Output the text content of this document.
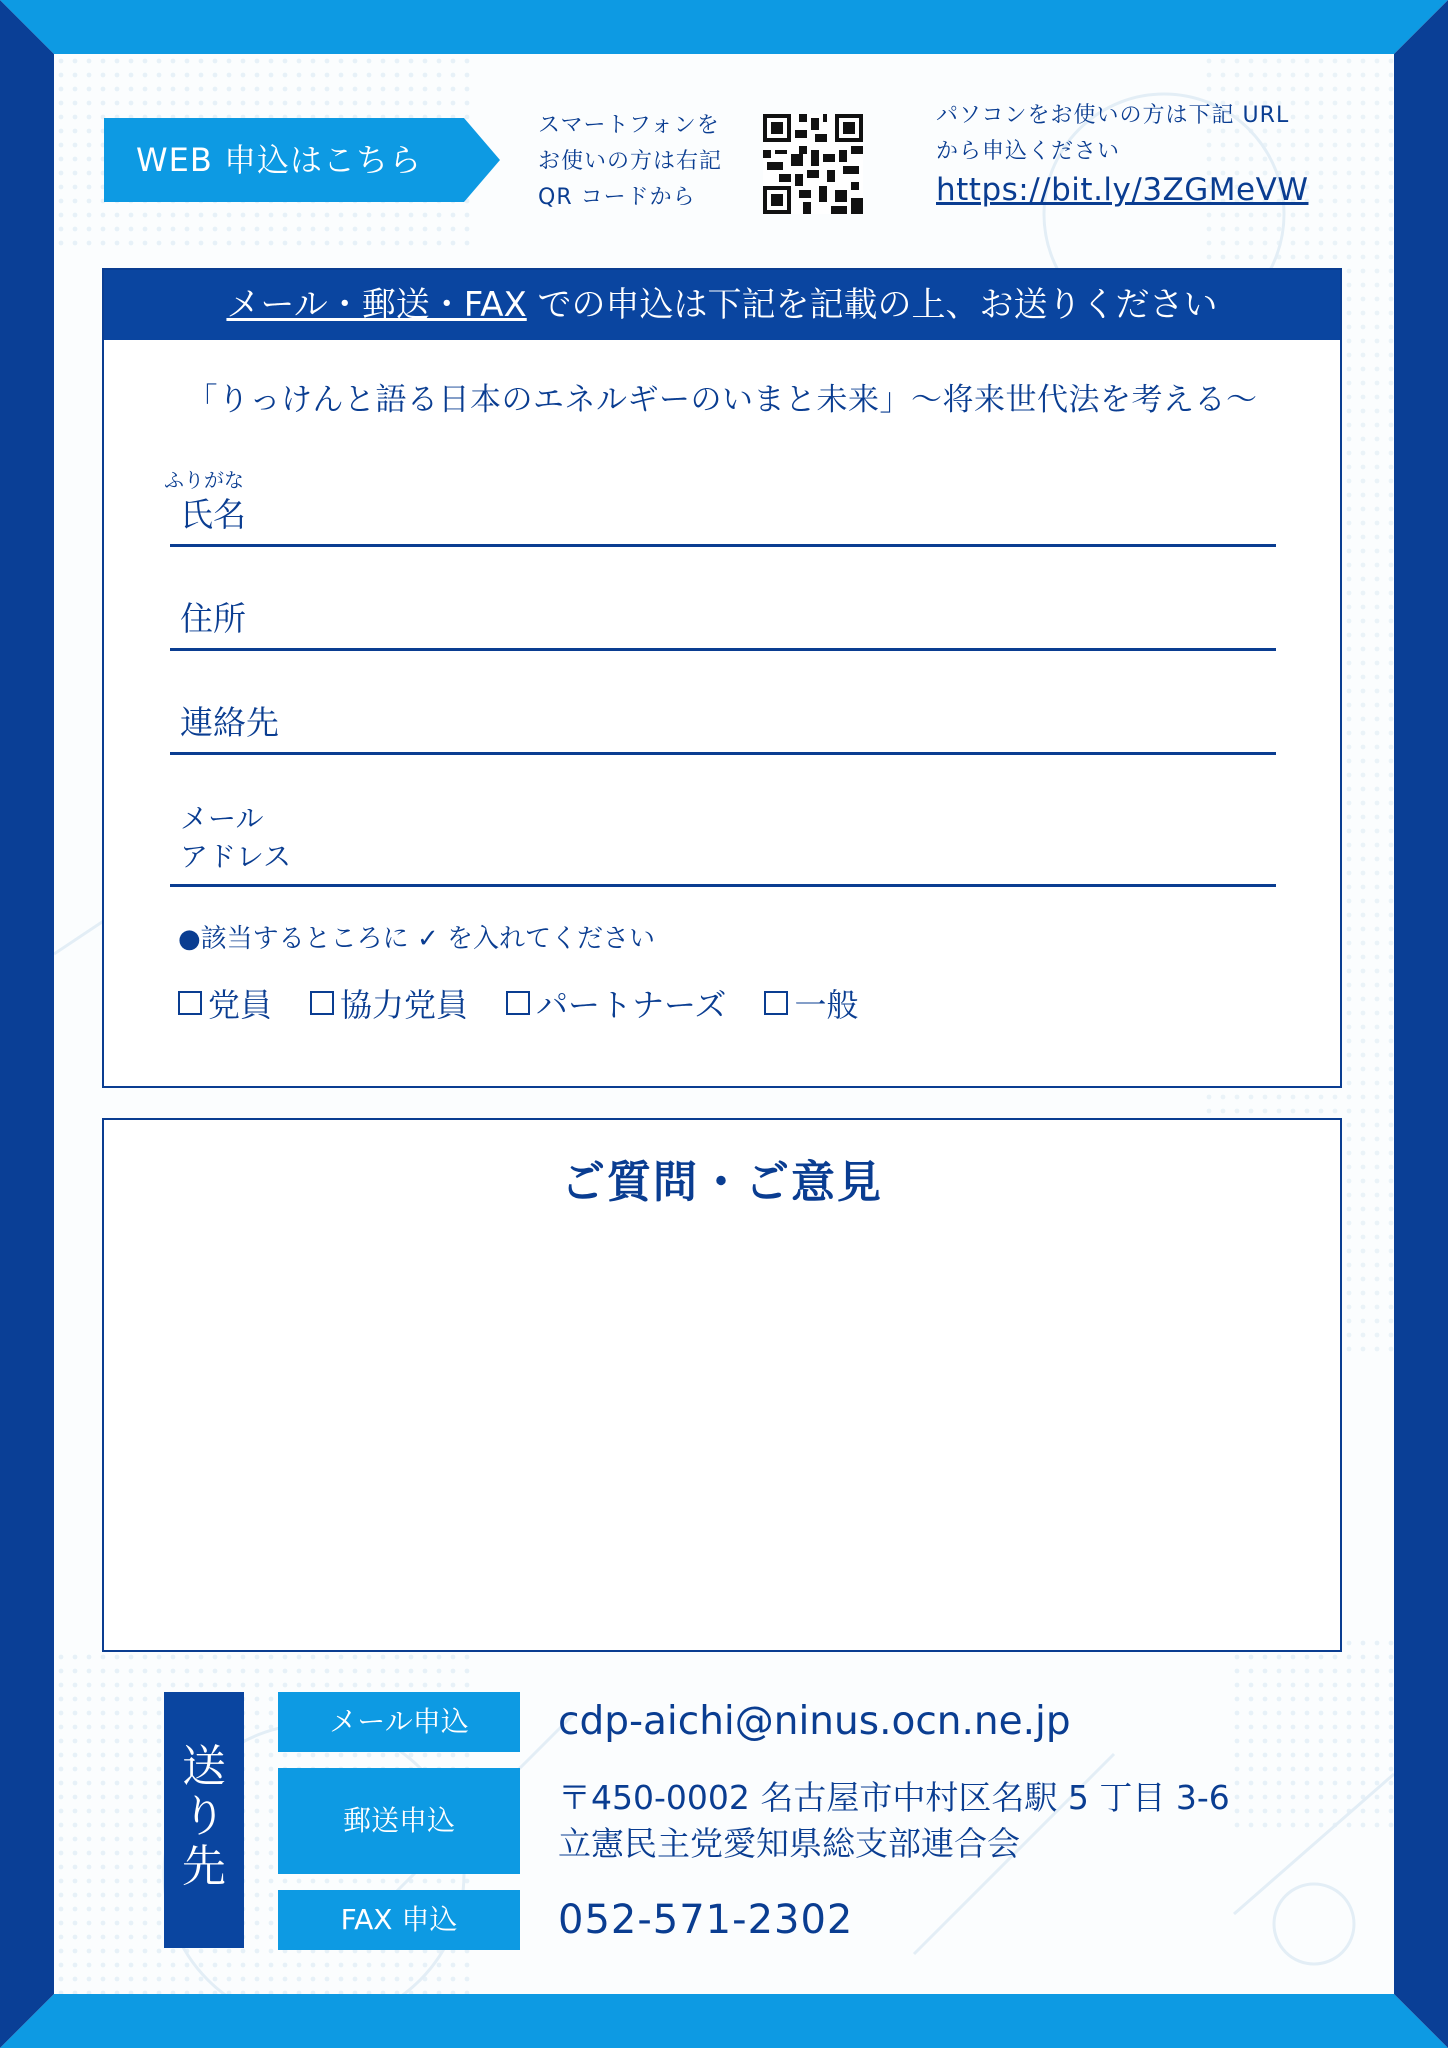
WEB 申込はこちら
スマートフォンを
お使いの方は右記
QR コードから
パソコンをお使いの方は下記 URL
から申込ください
https://bit.ly/3ZGMeVW
メール・郵送・FAX での申込は下記を記載の上、お送りください
「りっけんと語る日本のエネルギーのいまと未来」〜将来世代法を考える〜
ふりがな
氏名
住所
連絡先
メール
アドレス
●該当するところに ✓ を入れてください
党員 協力党員 パートナーズ 一般
ご質問・ご意見
送
り
先
メール申込	cdp-aichi@ninus.ocn.ne.jp
郵送申込
〒450-0002 名古屋市中村区名駅 5 丁目 3-6
立憲民主党愛知県総支部連合会
FAX 申込	052-571-2302
